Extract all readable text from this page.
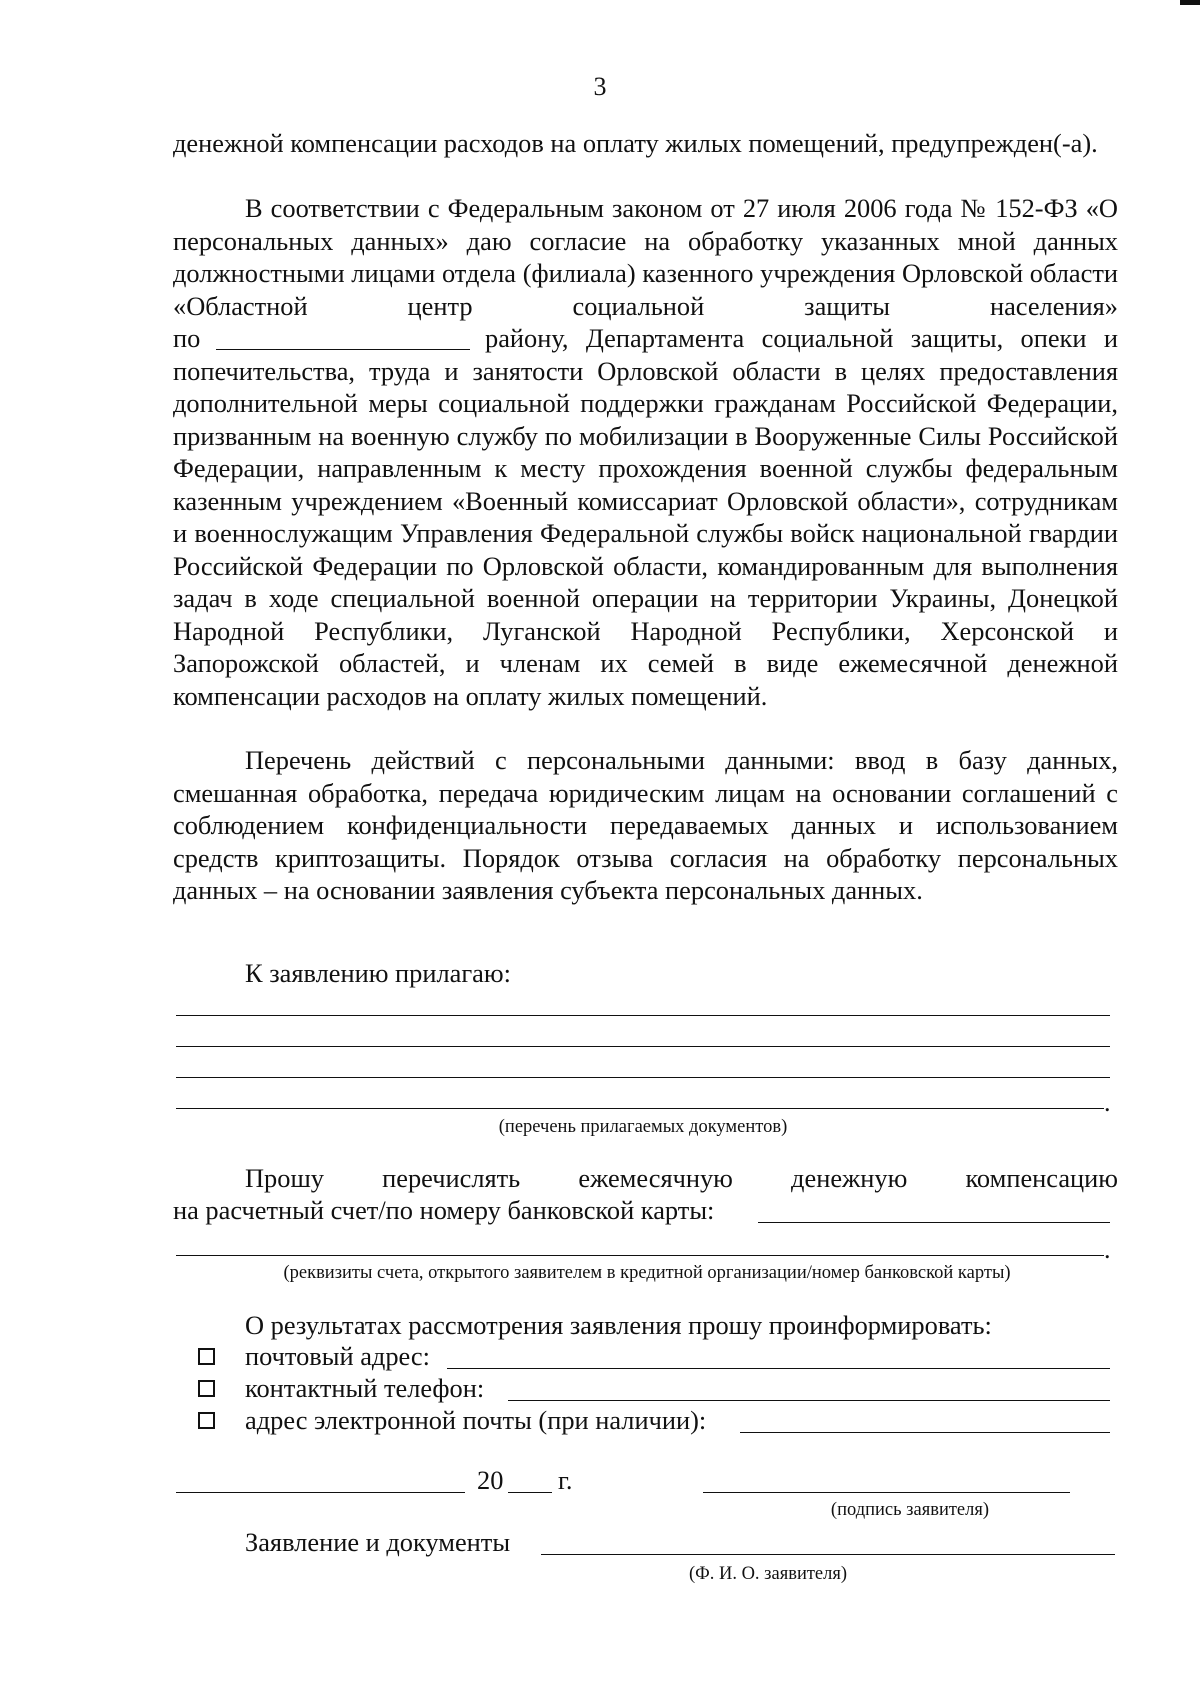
3

денежной компенсации расходов на оплату жилых помещений, предупрежден(-а).

В соответствии с Федеральным законом от 27 июля 2006 года № 152-ФЗ «О персональных данных» даю согласие на обработку указанных мной данных должностными лицами отдела (филиала) казенного учреждения Орловской области «Областной центр социальной защиты населения»

по	району, Департамента социальной защиты, опеки и попечительства, труда и занятости Орловской области в целях предоставления дополнительной меры социальной поддержки гражданам Российской Федерации, призванным на военную службу по мобилизации в Вооруженные Силы Российской Федерации, направленным к месту прохождения военной службы федеральным казенным учреждением «Военный комиссариат Орловской области», сотрудникам и военнослужащим Управления Федеральной службы войск национальной гвардии Российской Федерации по Орловской области, командированным для выполнения задач в ходе специальной военной операции на территории Украины, Донецкой Народной Республики, Луганской Народной Республики, Херсонской и Запорожской областей, и членам их семей в виде ежемесячной денежной компенсации расходов на оплату жилых помещений.

Перечень действий с персональными данными: ввод в базу данных, смешанная обработка, передача юридическим лицам на основании соглашений с соблюдением конфиденциальности передаваемых данных и использованием средств криптозащиты. Порядок отзыва согласия на обработку персональных данных – на основании заявления субъекта персональных данных.

К заявлению прилагаю:
.
(перечень прилагаемых документов)

Прошу перечислять ежемесячную денежную компенсацию

на расчетный счет/по номеру банковской карты:
.
(реквизиты счета, открытого заявителем в кредитной организации/номер банковской карты)
О результатах рассмотрения заявления прошу проинформировать:
почтовый адрес:
контактный телефон:
адрес электронной почты (при наличии):
20 г.
(подпись заявителя)
Заявление и документы
(Ф. И. О. заявителя)
